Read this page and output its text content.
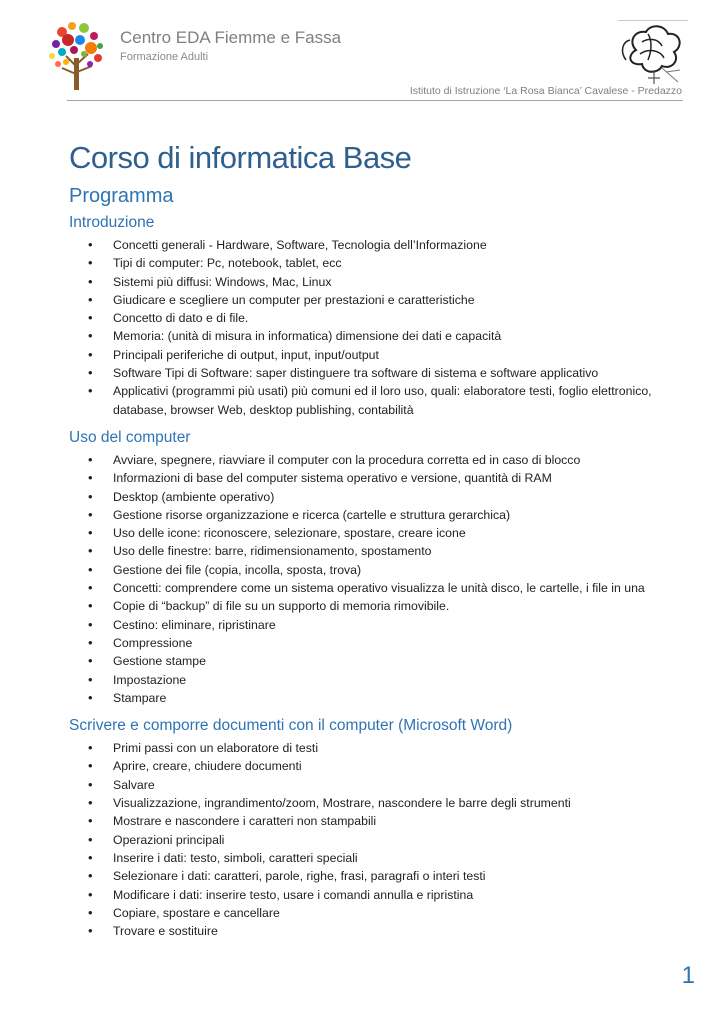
Centro EDA Fiemme e Fassa
Formazione Adulti
Istituto di Istruzione ‘La Rosa Bianca’ Cavalese - Predazzo
Corso di informatica Base
Programma
Introduzione
• Concetti generali - Hardware, Software, Tecnologia dell’Informazione
• Tipi di computer: Pc, notebook, tablet, ecc
• Sistemi più diffusi: Windows, Mac, Linux
• Giudicare e scegliere un computer per prestazioni e caratteristiche
• Concetto di dato e di file.
• Memoria: (unità di misura in informatica) dimensione dei dati e capacità
• Principali periferiche di output, input, input/output
• Software Tipi di Software: saper distinguere tra software di sistema e software applicativo
• Applicativi (programmi più usati) più comuni ed il loro uso, quali: elaboratore testi, foglio elettronico, database, browser Web, desktop publishing, contabilità
Uso del computer
• Avviare, spegnere, riavviare il computer con la procedura corretta ed in caso di blocco
• Informazioni di base del computer sistema operativo e versione, quantità di RAM
• Desktop (ambiente operativo)
• Gestione risorse organizzazione e ricerca (cartelle e struttura gerarchica)
• Uso delle icone: riconoscere, selezionare, spostare, creare icone
• Uso delle finestre: barre, ridimensionamento, spostamento
• Gestione dei file (copia, incolla, sposta, trova)
• Concetti: comprendere come un sistema operativo visualizza le unità disco, le cartelle, i file in una
• Copie di “backup” di file su un supporto di memoria rimovibile.
• Cestino: eliminare, ripristinare
• Compressione
• Gestione stampe
• Impostazione
• Stampare
Scrivere e comporre documenti con il computer (Microsoft Word)
• Primi passi con un elaboratore di testi
• Aprire, creare, chiudere documenti
• Salvare
• Visualizzazione, ingrandimento/zoom, Mostrare, nascondere le barre degli strumenti
• Mostrare e nascondere i caratteri non stampabili
• Operazioni principali
• Inserire i dati: testo, simboli, caratteri speciali
• Selezionare i dati: caratteri, parole, righe, frasi, paragrafi o interi testi
• Modificare i dati: inserire testo, usare i comandi annulla e ripristina
• Copiare, spostare e cancellare
• Trovare e sostituire
1
